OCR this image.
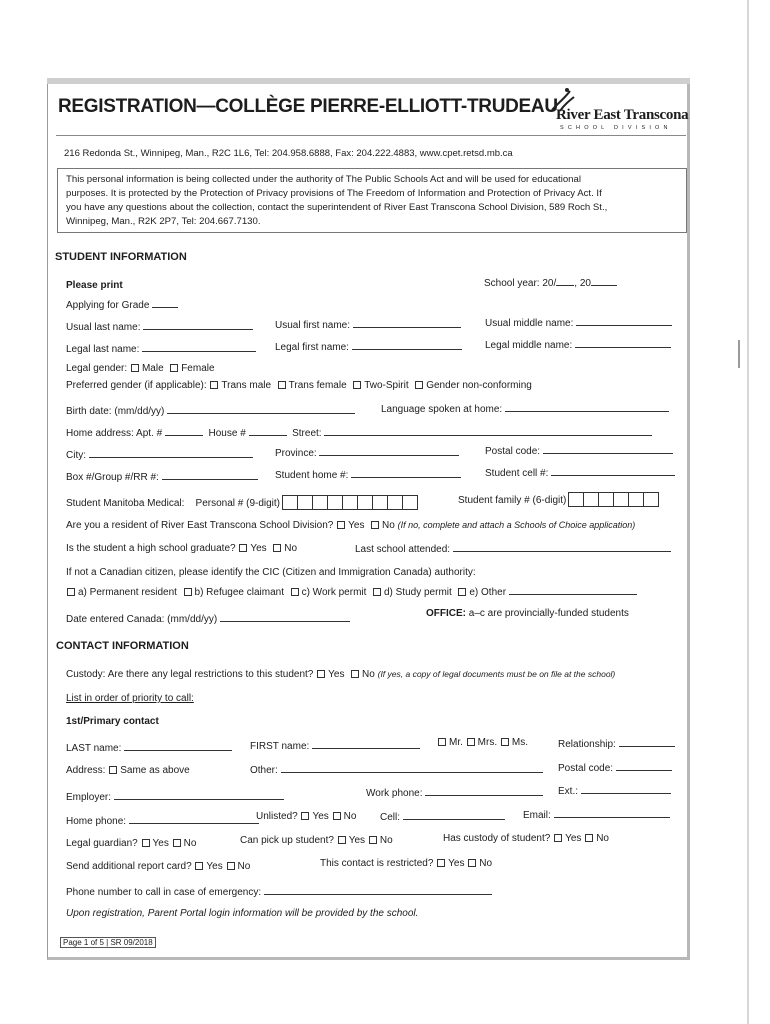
REGISTRATION—COLLÈGE PIERRE-ELLIOTT-TRUDEAU
River East Transcona
SCHOOL DIVISION
216 Redonda St., Winnipeg, Man., R2C 1L6, Tel: 204.958.6888, Fax: 204.222.4883, www.cpet.retsd.mb.ca
This personal information is being collected under the authority of The Public Schools Act and will be used for educational
purposes. It is protected by the Protection of Privacy provisions of The Freedom of Information and Protection of Privacy Act. If
you have any questions about the collection, contact the superintendent of River East Transcona School Division, 589 Roch St.,
Winnipeg, Man., R2K 2P7, Tel: 204.667.7130.
STUDENT INFORMATION
Please print	School year: 20/ , 20
Applying for Grade
Usual last name:	Usual first name:	Usual middle name:
Legal last name:	Legal first name:	Legal middle name:
Legal gender: Male Female
Preferred gender (if applicable): Trans male Trans female Two-Spirit Gender non-conforming
Birth date: (mm/dd/yy)	Language spoken at home:
Home address: Apt. #	House #	Street:
City:	Province:	Postal code:
Box #/Group #/RR #:	Student home #:	Student cell #:
Student Manitoba Medical: Personal # (9-digit)	Student family # (6-digit)
Are you a resident of River East Transcona School Division? Yes No (If no, complete and attach a Schools of Choice application)
Is the student a high school graduate? Yes No	Last school attended:
If not a Canadian citizen, please identify the CIC (Citizen and Immigration Canada) authority:
a) Permanent resident b) Refugee claimant c) Work permit d) Study permit e) Other
Date entered Canada: (mm/dd/yy)
OFFICE: a–c are provincially-funded students
CONTACT INFORMATION
Custody: Are there any legal restrictions to this student? Yes No (If yes, a copy of legal documents must be on file at the school)
List in order of priority to call:
1st/Primary contact
LAST name:	FIRST name:	Mr. Mrs. Ms.	Relationship:
Address: Same as above	Other:	Postal code:
Employer:	Work phone:	Ext.:
Home phone:	Unlisted? Yes No Cell:	Email:
Legal guardian? Yes No	Can pick up student? Yes No	Has custody of student? Yes No
Send additional report card? Yes No	This contact is restricted? Yes No
Phone number to call in case of emergency:
Upon registration, Parent Portal login information will be provided by the school.
Page 1 of 5 | SR 09/2018
